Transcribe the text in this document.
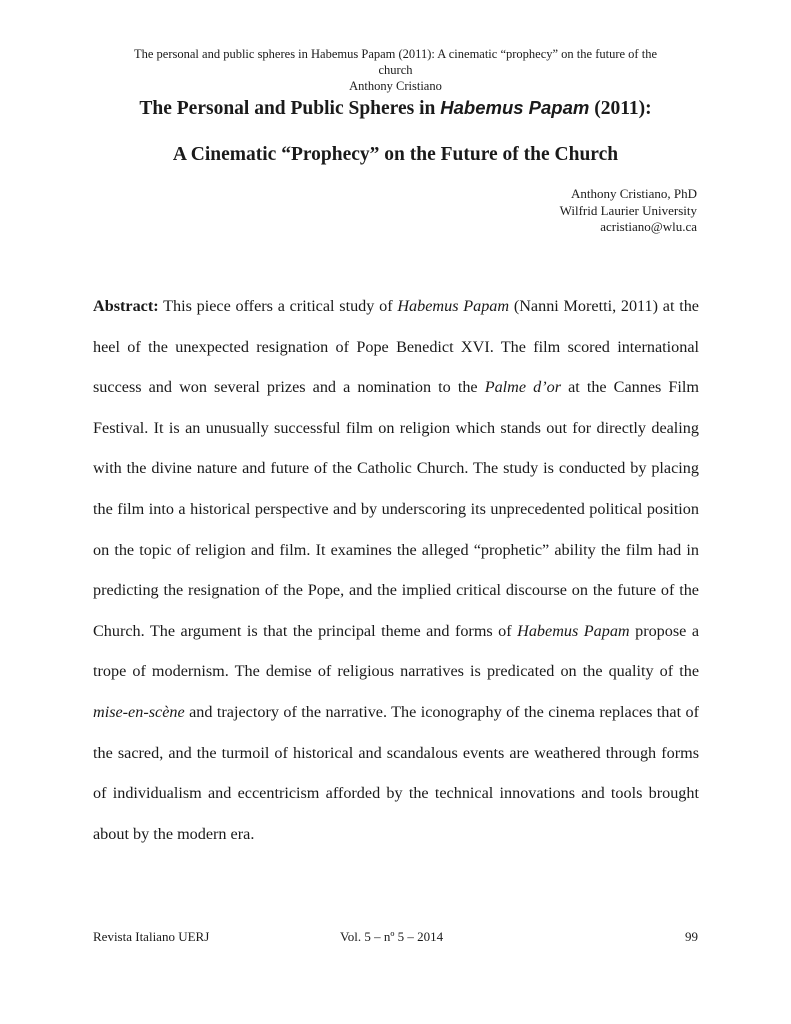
The personal and public spheres in Habemus Papam (2011): A cinematic “prophecy” on the future of the
church
Anthony Cristiano
The Personal and Public Spheres in Habemus Papam (2011):
A Cinematic “Prophecy” on the Future of the Church
Anthony Cristiano, PhD
Wilfrid Laurier University
acristiano@wlu.ca

Abstract: This piece offers a critical study of Habemus Papam (Nanni Moretti, 2011) at the heel of the unexpected resignation of Pope Benedict XVI. The film scored international success and won several prizes and a nomination to the Palme d’or at the Cannes Film Festival. It is an unusually successful film on religion which stands out for directly dealing with the divine nature and future of the Catholic Church. The study is conducted by placing the film into a historical perspective and by underscoring its unprecedented political position on the topic of religion and film. It examines the alleged “prophetic” ability the film had in predicting the resignation of the Pope, and the implied critical discourse on the future of the Church. The argument is that the principal theme and forms of Habemus Papam propose a trope of modernism. The demise of religious narratives is predicated on the quality of the mise-en-scène and trajectory of the narrative. The iconography of the cinema replaces that of the sacred, and the turmoil of historical and scandalous events are weathered through forms of individualism and eccentricism afforded by the technical innovations and tools brought about by the modern era.

Revista Italiano UERJ	Vol. 5 – nº 5 – 2014	99
